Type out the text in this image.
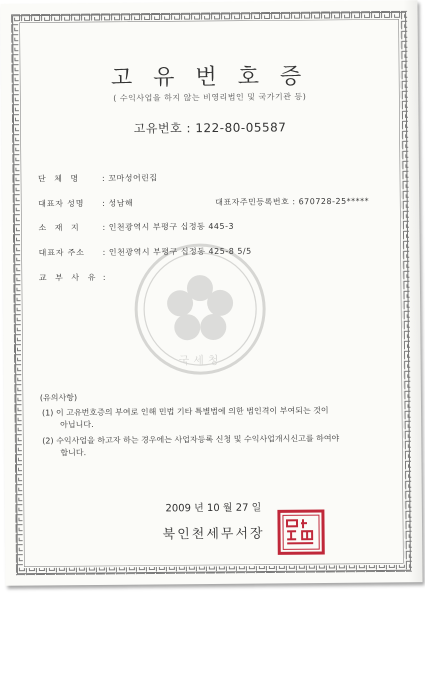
고 유 번 호 증
( 수익사업을 하지 않는 비영리법인 및 국가기관 등)
고유번호 : 122-80-05587
국세청
단 체 명	: 꼬마성어린집
대표자 성명 : 성남해	대표자주민등록번호 : 670728-25*****
소 재 지	: 인천광역시 부평구 십정동 445-3
대표자 주소 : 인천광역시 부평구 십정동 425-8 5/5
교 부 사 유 :
(유의사항)
(1) 이 고유번호증의 부여로 인해 민법 기타 특별법에 의한 법인격이 부여되는 것이
아닙니다.
(2) 수익사업을 하고자 하는 경우에는 사업자등록 신청 및 수익사업개시신고를 하여야
합니다.
2009 년 10 월 27 일
북인천세무서장
